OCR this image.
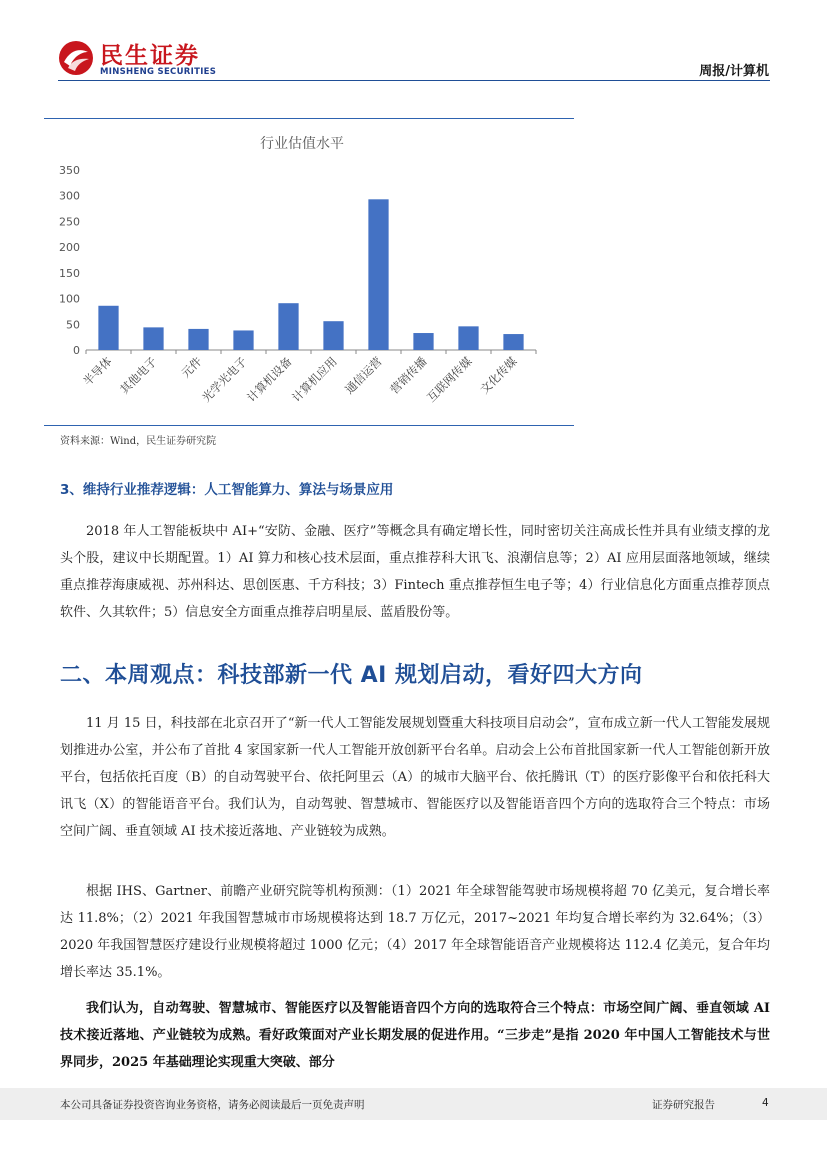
民生证券
MINSHENG SECURITIES	周报/计算机
行业估值水平
0
50
100
150
200
250
300
350
半导体 其他电子 元件
光学光电子
计算机设备
计算机应用 通信运营 营销传播
互联网传媒 文化传媒
资料来源：Wind，民生证券研究院
3、维持行业推荐逻辑：人工智能算力、算法与场景应用

2018 年人工智能板块中 AI+“安防、金融、医疗”等概念具有确定增长性，同时密切关注高成长性并具有业绩支撑的龙头个股，建议中长期配置。1）AI 算力和核心技术层面，重点推荐科大讯飞、浪潮信息等；2）AI 应用层面落地领域，继续重点推荐海康威视、苏州科达、思创医惠、千方科技；3）Fintech 重点推荐恒生电子等；4）行业信息化方面重点推荐顶点软件、久其软件；5）信息安全方面重点推荐启明星辰、蓝盾股份等。

二、本周观点：科技部新一代 AI 规划启动，看好四大方向

11 月 15 日，科技部在北京召开了“新一代人工智能发展规划暨重大科技项目启动会”，宣布成立新一代人工智能发展规划推进办公室，并公布了首批 4 家国家新一代人工智能开放创新平台名单。启动会上公布首批国家新一代人工智能创新开放平台，包括依托百度（B）的自动驾驶平台、依托阿里云（A）的城市大脑平台、依托腾讯（T）的医疗影像平台和依托科大讯飞（X）的智能语音平台。我们认为，自动驾驶、智慧城市、智能医疗以及智能语音四个方向的选取符合三个特点：市场空间广阔、垂直领域 AI 技术接近落地、产业链较为成熟。

根据 IHS、Gartner、前瞻产业研究院等机构预测：（1）2021 年全球智能驾驶市场规模将超 70 亿美元，复合增长率达 11.8%；（2）2021 年我国智慧城市市场规模将达到 18.7 万亿元，2017~2021 年均复合增长率约为 32.64%；（3）2020 年我国智慧医疗建设行业规模将超过 1000 亿元；（4）2017 年全球智能语音产业规模将达 112.4 亿美元，复合年均增长率达 35.1%。

我们认为，自动驾驶、智慧城市、智能医疗以及智能语音四个方向的选取符合三个特点：市场空间广阔、垂直领域 AI 技术接近落地、产业链较为成熟。看好政策面对产业长期发展的促进作用。“三步走”是指 2020 年中国人工智能技术与世界同步，2025 年基础理论实现重大突破、部分

本公司具备证券投资咨询业务资格，请务必阅读最后一页免责声明	证券研究报告	4
